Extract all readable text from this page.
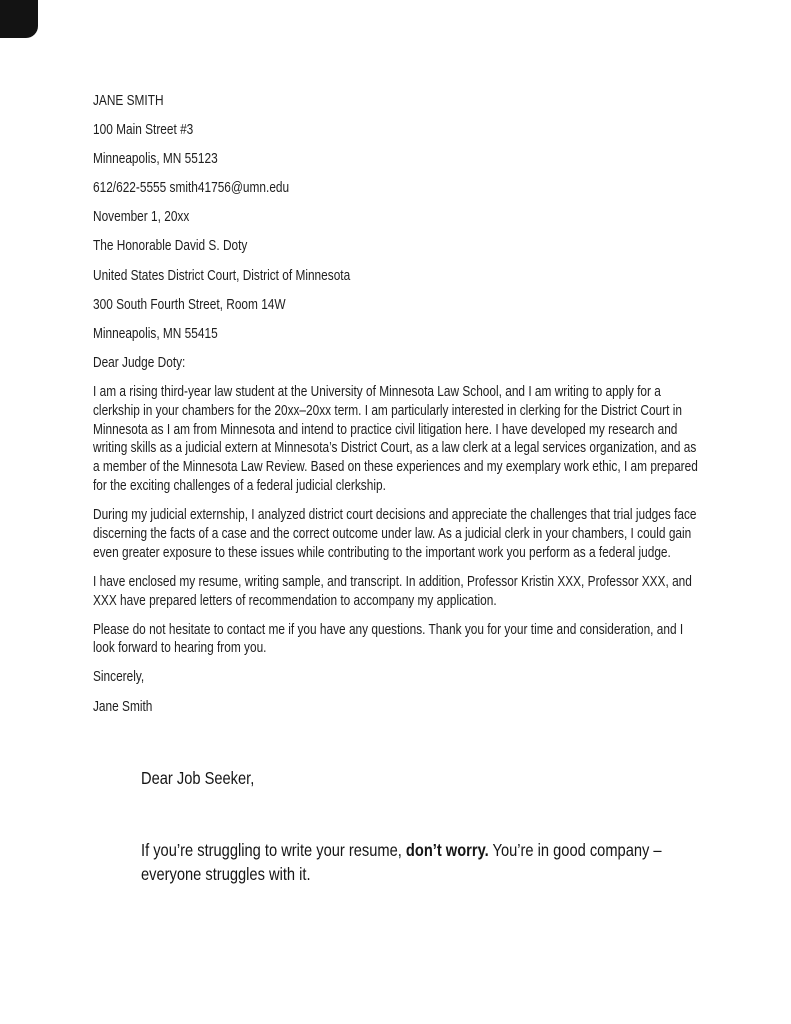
JANE SMITH

100 Main Street #3

Minneapolis, MN 55123

612/622-5555 smith41756@umn.edu

November 1, 20xx

The Honorable David S. Doty

United States District Court, District of Minnesota

300 South Fourth Street, Room 14W

Minneapolis, MN 55415

Dear Judge Doty:

I am a rising third-year law student at the University of Minnesota Law School, and I am writing to apply for a clerkship in your chambers for the 20xx–20xx term. I am particularly interested in clerking for the District Court in Minnesota as I am from Minnesota and intend to practice civil litigation here. I have developed my research and writing skills as a judicial extern at Minnesota’s District Court, as a law clerk at a legal services organization, and as a member of the Minnesota Law Review. Based on these experiences and my exemplary work ethic, I am prepared for the exciting challenges of a federal judicial clerkship.

During my judicial externship, I analyzed district court decisions and appreciate the challenges that trial judges face discerning the facts of a case and the correct outcome under law. As a judicial clerk in your chambers, I could gain even greater exposure to these issues while contributing to the important work you perform as a federal judge.

I have enclosed my resume, writing sample, and transcript. In addition, Professor Kristin XXX, Professor XXX, and XXX have prepared letters of recommendation to accompany my application.

Please do not hesitate to contact me if you have any questions. Thank you for your time and consideration, and I look forward to hearing from you.

Sincerely,

Jane Smith

Dear Job Seeker,

If you’re struggling to write your resume, don’t worry. You’re in good company – everyone struggles with it.
